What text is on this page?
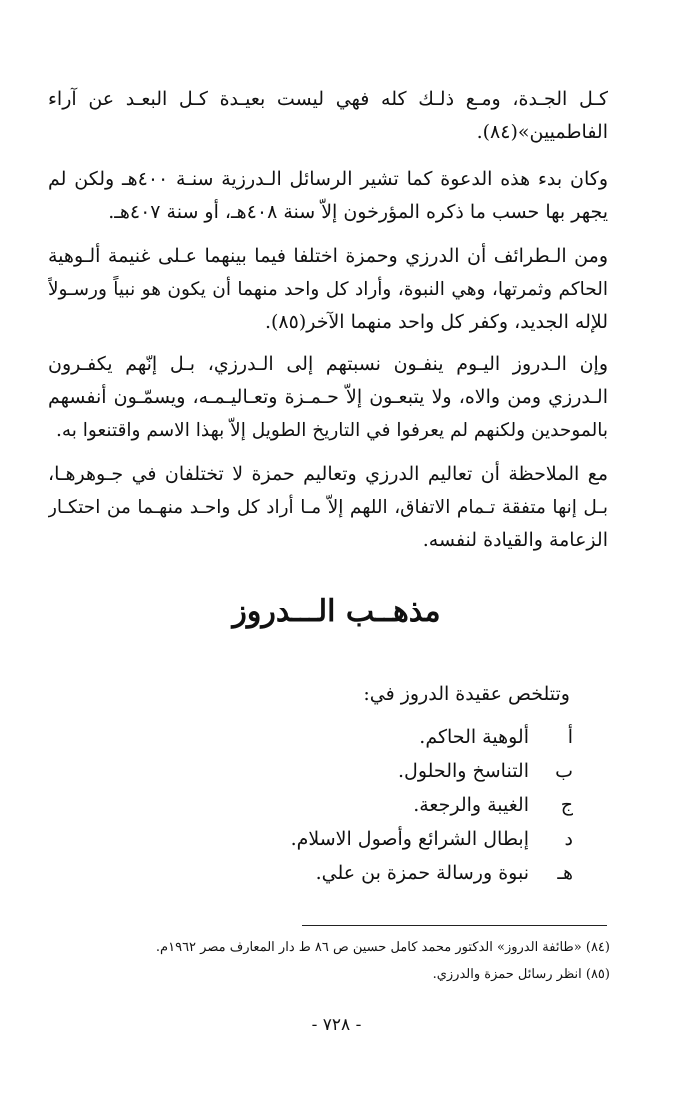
كـل الجـدة، ومـع ذلـك كله فهي ليست بعيـدة كـل البعـد عن آراء
الفاطميين»(٨٤).

وكان بدء هذه الدعوة كما تشير الرسائل الـدرزية سنـة ٤٠٠هـ ولكن لم
يجهر بها حسب ما ذكره المؤرخون إلاّ سنة ٤٠٨هـ، أو سنة ٤٠٧هـ.

ومن الـطرائف أن الدرزي وحمزة اختلفا فيما بينهما عـلى غنيمة ألـوهية
الحاكم وثمرتها، وهي النبوة، وأراد كل واحد منهما أن يكون هو نبياً ورسـولاً
للإله الجديد، وكفر كل واحد منهما الآخر(٨٥).

وإن الـدروز اليـوم ينفـون نسبتهم إلى الـدرزي، بـل إنّهم يكفـرون
الـدرزي ومن والاه، ولا يتبعـون إلاّ حـمـزة وتعـاليـمـه، ويسمّـون أنفسهم
بالموحدين ولكنهم لم يعرفوا في التاريخ الطويل إلاّ بهذا الاسم واقتنعوا به.

مع الملاحظة أن تعاليم الدرزي وتعاليم حمزة لا تختلفان في جـوهرهـا،
بـل إنها متفقة تـمام الاتفاق، اللهم إلاّ مـا أراد كل واحـد منهـما من احتكـار
الزعامة والقيادة لنفسه.

مذهــب الـــدروز

وتتلخص عقيدة الدروز في:

أ
ألوهية الحاكم.
ب
التناسخ والحلول.
ج
الغيبة والرجعة.
د
إبطال الشرائع وأصول الاسلام.
هـ
نبوة ورسالة حمزة بن علي.

(٨٤) «طائفة الدروز» الدكتور محمد كامل حسين ص ٨٦ ط دار المعارف مصر ١٩٦٢م.

(٨٥) انظر رسائل حمزة والدرزي.

- ٧٢٨ -
